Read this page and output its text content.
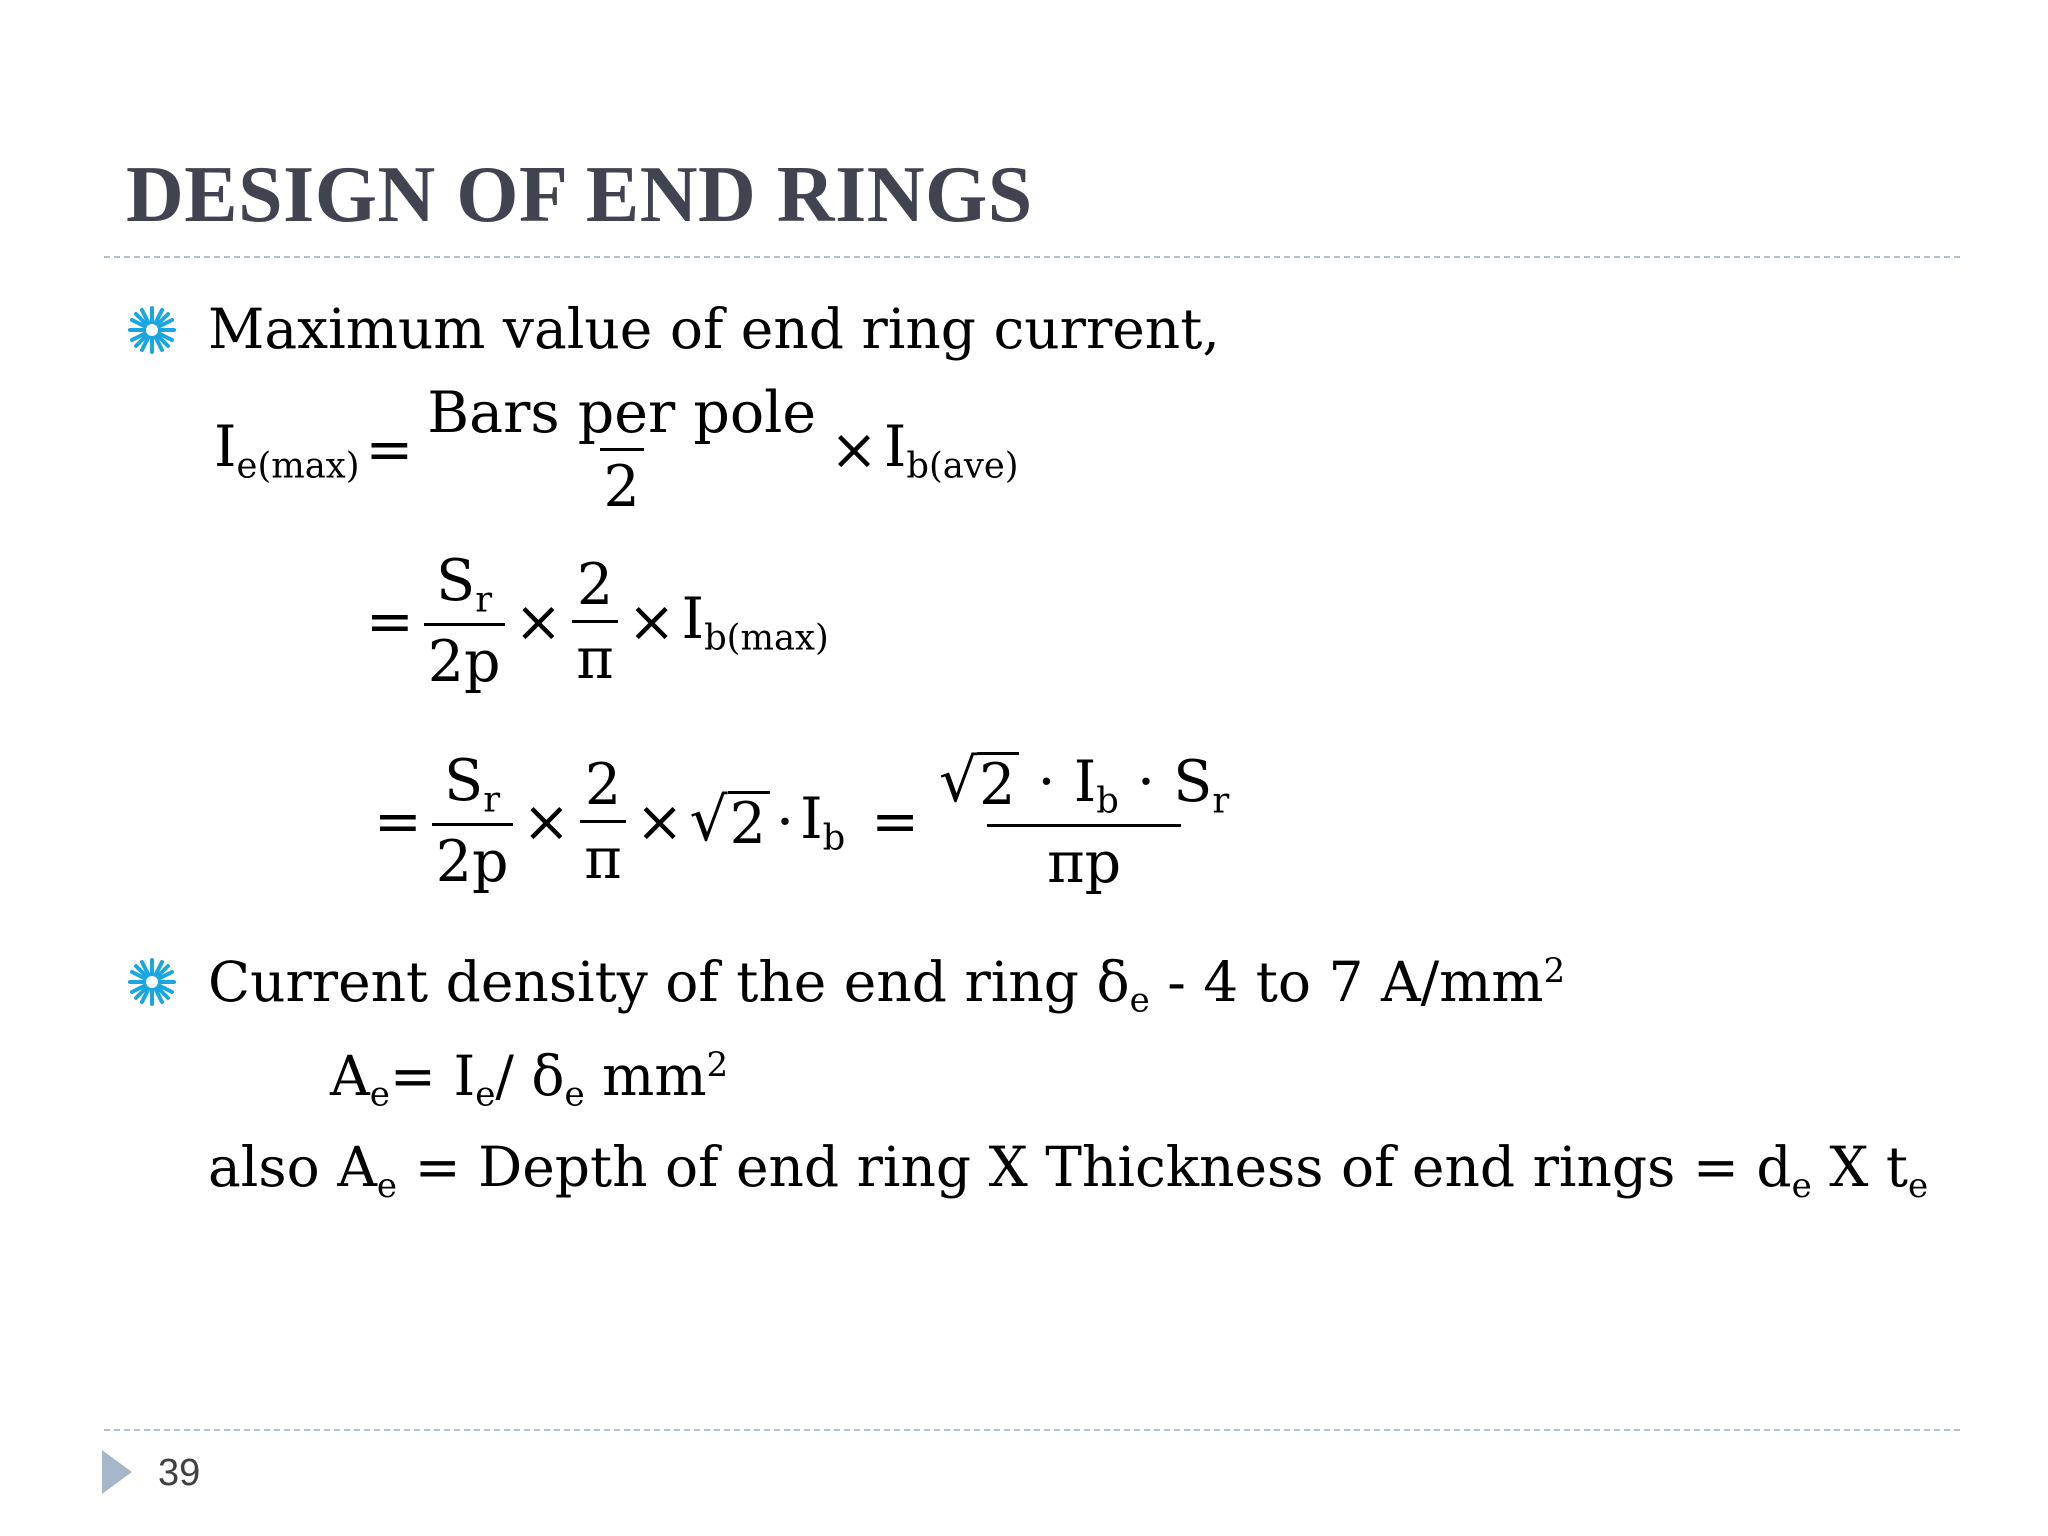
DESIGN OF END RINGS
Maximum value of end ring current,
$I_{e(max)} = \frac{\text{Bars per pole}}{2} \times I_{b(ave)}$
= $\frac{S_r}{2p} \times \frac{2}{\pi} \times I_{b(max)}$
= $\frac{S_r}{2p} \times \frac{2}{\pi}$ × √ $2 \cdot I_b = \frac{√ 2 \cdot I_b \cdot S_r}{\pi p}$
Current density of the end ring $\delta_e - 4$ to 7 $A/mm^2$
$A_e= I_e/$ $\delta_e$ $mm^2$
also $A_e$ = Depth of end ring X Thickness of end rings = $d_e$ X $t_e$
39
